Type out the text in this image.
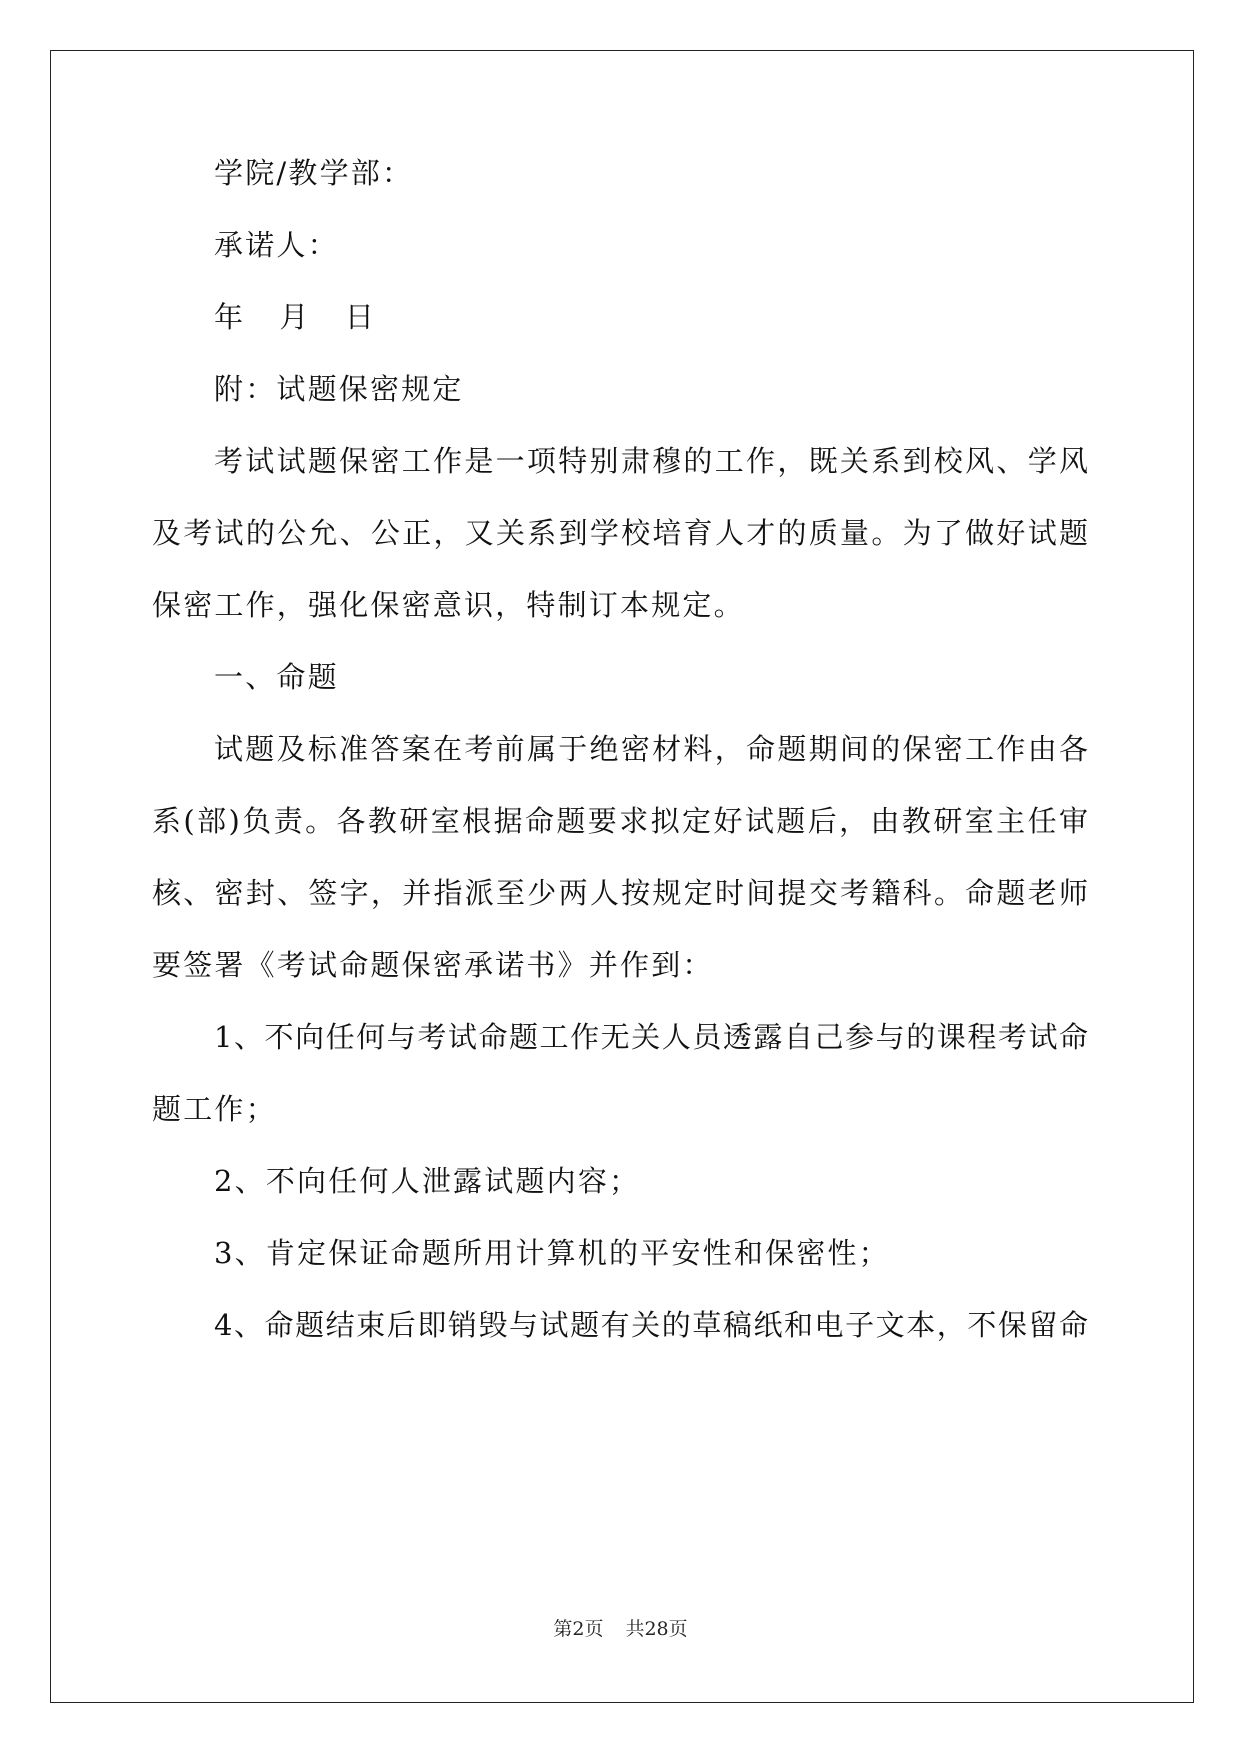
学院/教学部：
承诺人：
年  月  日
附：试题保密规定
考试试题保密工作是一项特别肃穆的工作，既关系到校风、学风
及考试的公允、公正，又关系到学校培育人才的质量。为了做好试题
保密工作，强化保密意识，特制订本规定。
一、命题
试题及标准答案在考前属于绝密材料，命题期间的保密工作由各
系(部)负责。各教研室根据命题要求拟定好试题后，由教研室主任审
核、密封、签字，并指派至少两人按规定时间提交考籍科。命题老师
要签署《考试命题保密承诺书》并作到：
1、不向任何与考试命题工作无关人员透露自己参与的课程考试命
题工作；
2、不向任何人泄露试题内容；
3、肯定保证命题所用计算机的平安性和保密性；
4、命题结束后即销毁与试题有关的草稿纸和电子文本，不保留命
第2页 共28页
